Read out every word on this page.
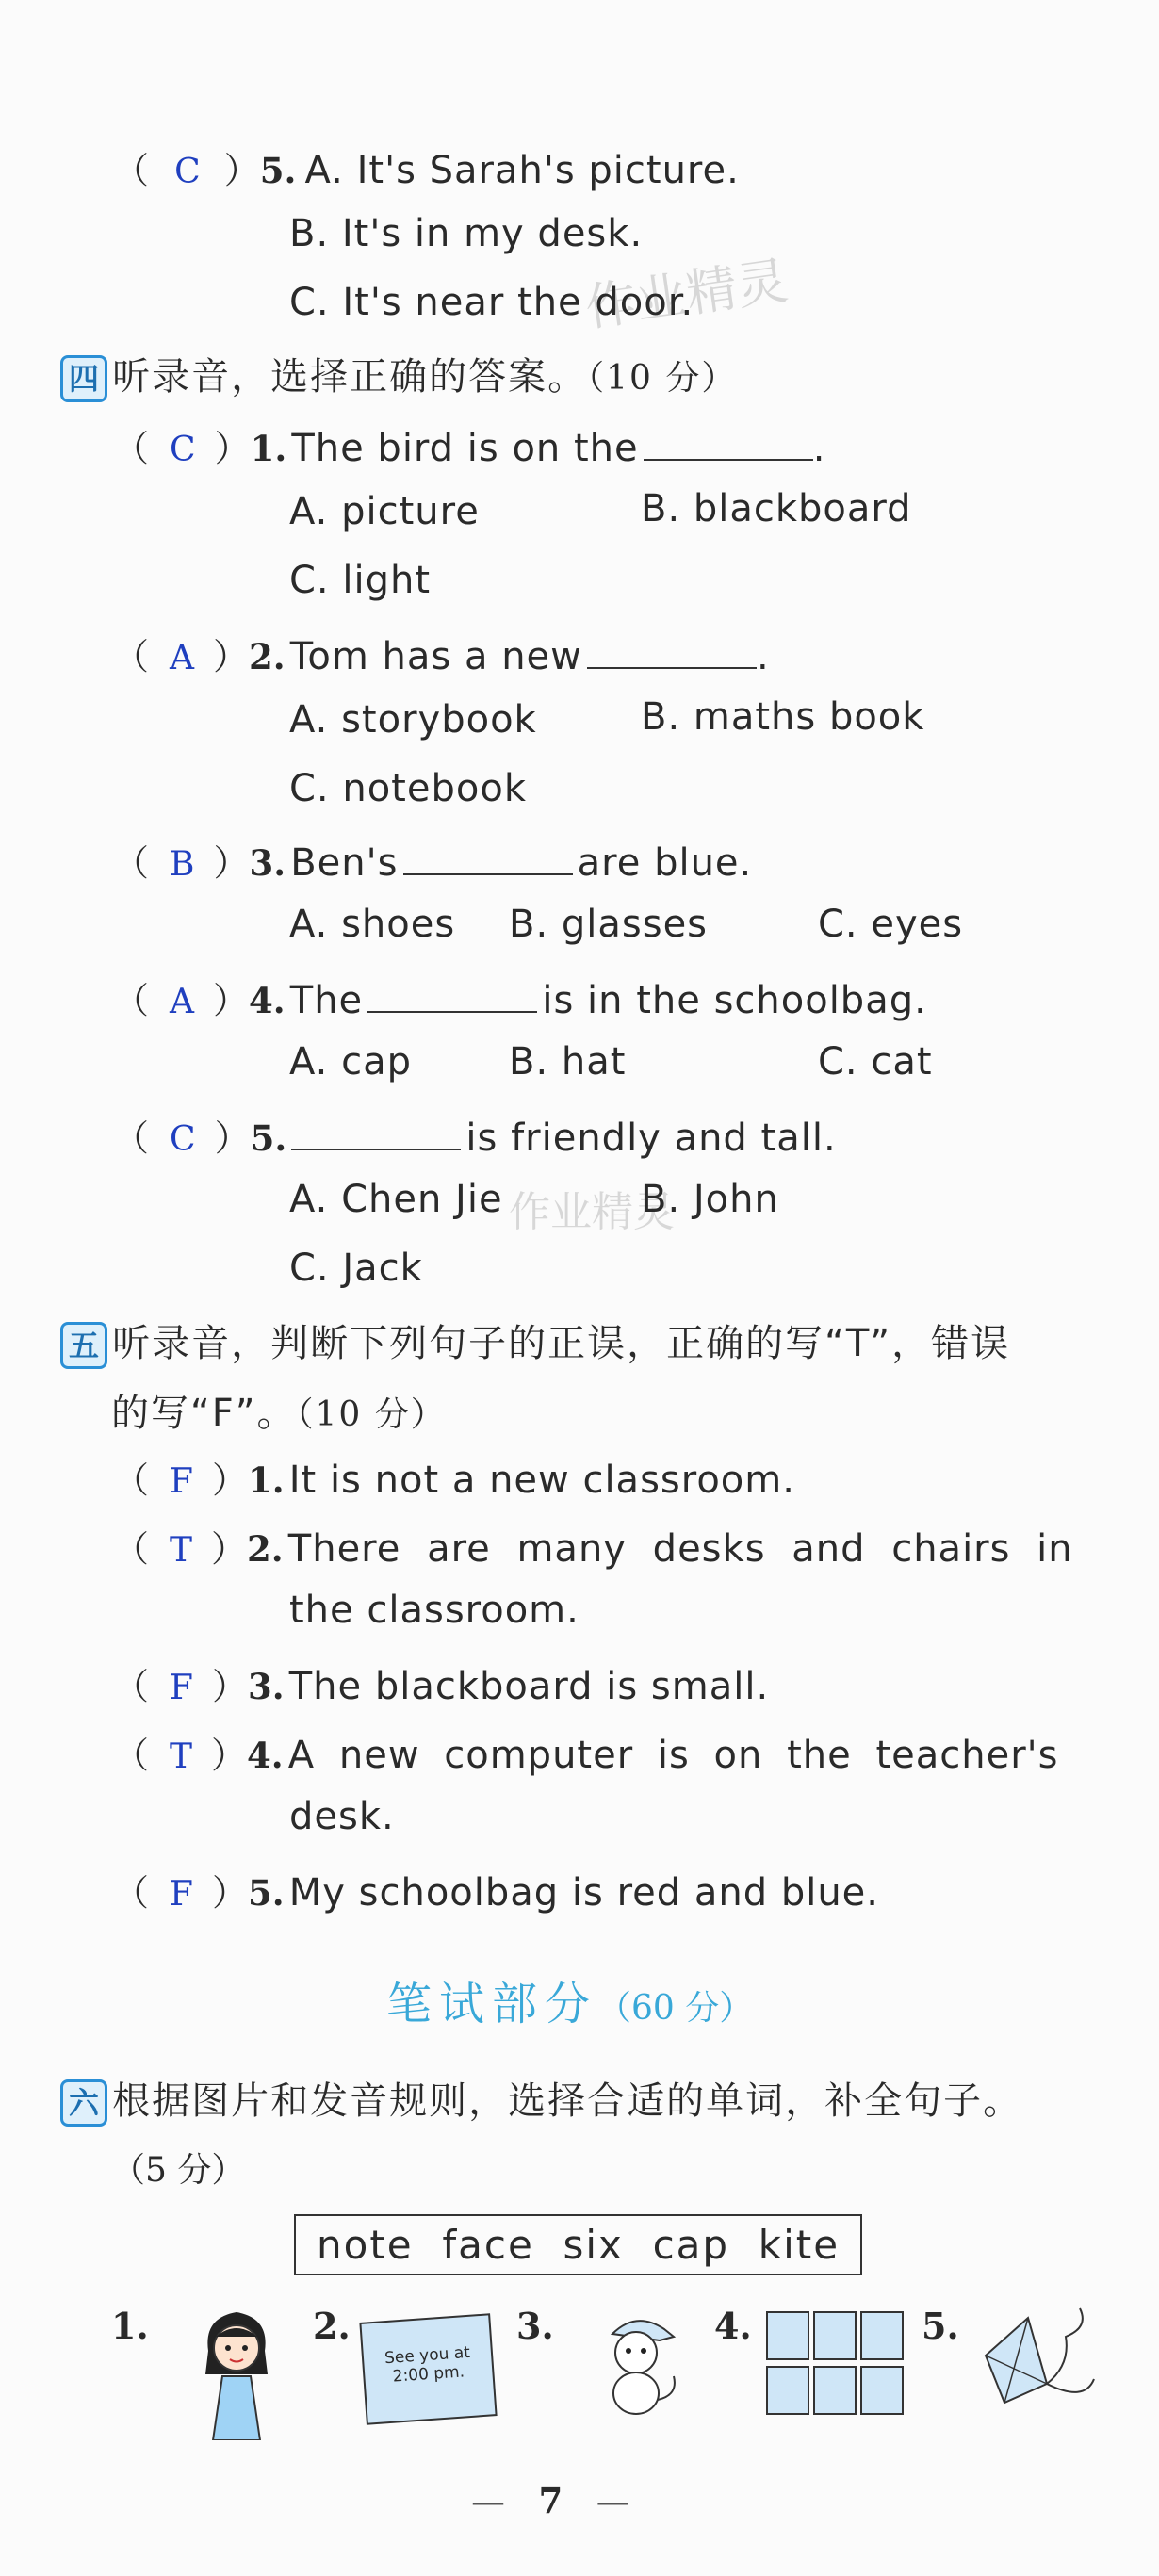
作业精灵
作业精灵
（ C ）5. A. It's Sarah's picture.
B. It's in my desk.
C. It's near the door.
四 听录音，选择正确的答案。（10 分）
（ C ）1. The bird is on the	.
A. picture	B. blackboard
C. light
（ A ）2. Tom has a new	.
A. storybook	B. maths book
C. notebook
（ B ）3. Ben's	are blue.
A. shoes B. glasses	C. eyes
（ A ）4. The	is in the schoolbag.
A. cap	B. hat	C. cat
（ C ）5.	is friendly and tall.
A. Chen Jie	B. John
C. Jack
五 听录音，判断下列句子的正误，正确的写“T”，错误
的写“F”。（10 分）
（ F ）1. It is not a new classroom.
（ T ）2. There are many desks and chairs in
the classroom.
（ F ）3. The blackboard is small.
（ T ）4. A new computer is on the teacher's
desk.
（ F ）5. My schoolbag is red and blue.
笔试部分（60 分）
六 根据图片和发音规则，选择合适的单词，补全句子。
（5 分）
note  face  six  cap  kite
1.	2.	3.	4.	5.
See you at
2:00 pm.
— 7 —
